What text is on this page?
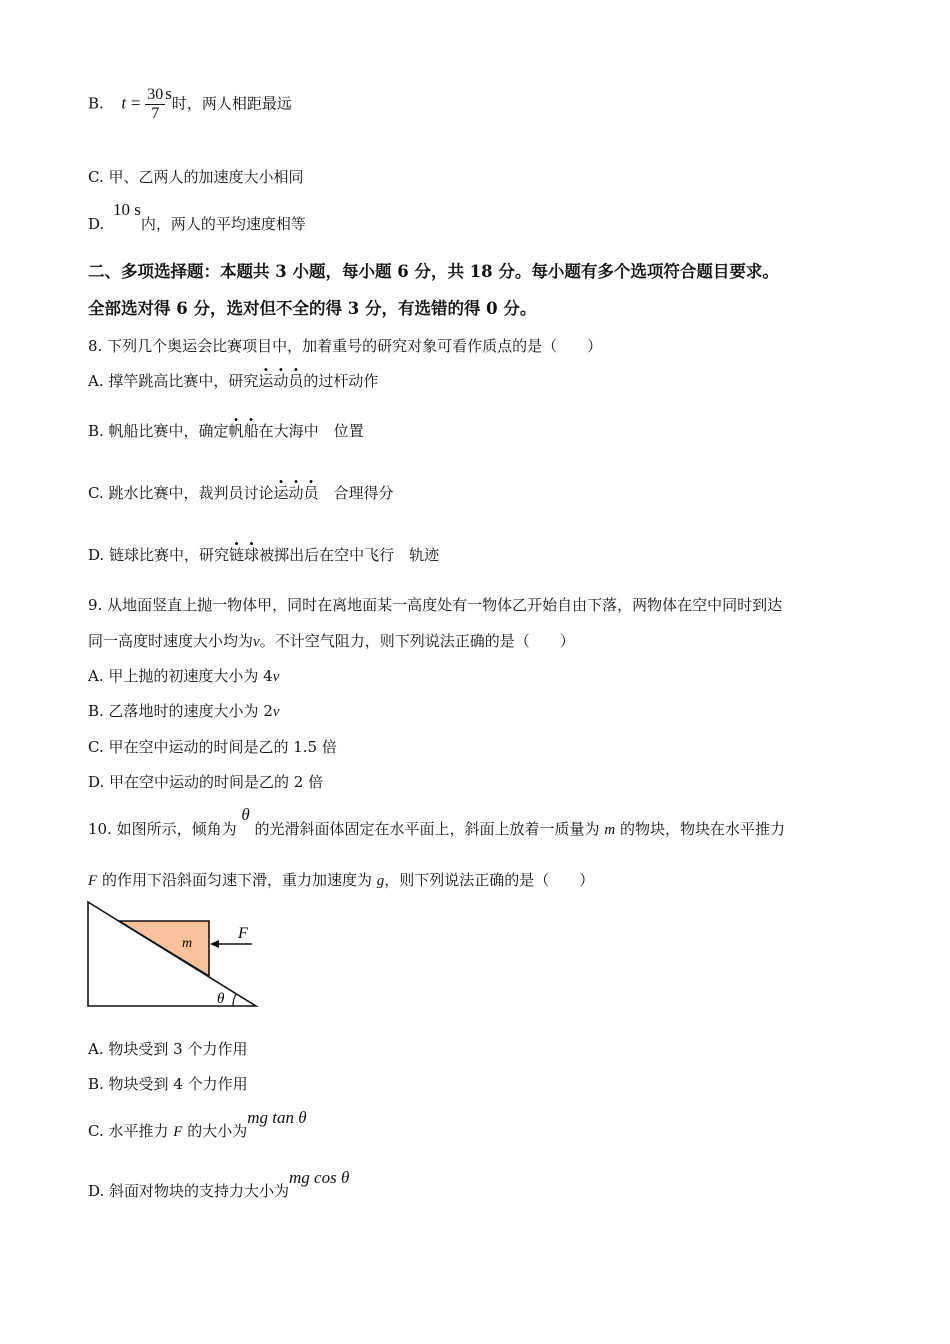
B. $t = \frac{30}{7}$ s时，两人相距最远
C. 甲、乙两人的加速度大小相同
D. 10 s内，两人的平均速度相等
二、多项选择题：本题共 3 小题，每小题 6 分，共 18 分。每小题有多个选项符合题目要求。
全部选对得 6 分，选对但不全的得 3 分，有选错的得 0 分。
8. 下列几个奥运会比赛项目中，加着重号的研究对象可看作质点的是（　　）
A. 撑竿跳高比赛中，研究运动员的过杆动作
B. 帆船比赛中，确定帆船在大海中　位置
C. 跳水比赛中，裁判员讨论运动员　合理得分
D. 链球比赛中，研究链球被掷出后在空中飞行　轨迹
9. 从地面竖直上抛一物体甲，同时在离地面某一高度处有一物体乙开始自由下落，两物体在空中同时到达
同一高度时速度大小均为v。不计空气阻力，则下列说法正确的是（　　）
A. 甲上抛的初速度大小为 4v
B. 乙落地时的速度大小为 2v
C. 甲在空中运动的时间是乙的 1.5 倍
D. 甲在空中运动的时间是乙的 2 倍
10. 如图所示，倾角为 θ 的光滑斜面体固定在水平面上，斜面上放着一质量为 m 的物块，物块在水平推力
F 的作用下沿斜面匀速下滑，重力加速度为 g，则下列说法正确的是（　　）
m
F
θ
A. 物块受到 3 个力作用
B. 物块受到 4 个力作用
C. 水平推力 F 的大小为mg tan θ
D. 斜面对物块的支持力大小为mg cos θ
